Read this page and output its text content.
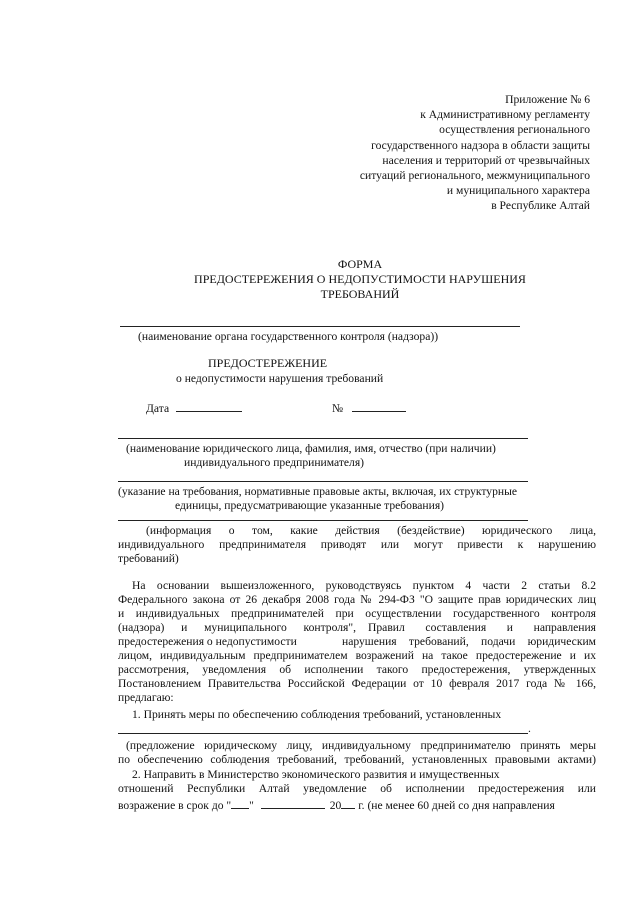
Приложение № 6
к Административному регламенту
осуществления регионального
государственного надзора в области защиты
населения и территорий от чрезвычайных
ситуаций регионального, межмуниципального
и муниципального характера
в Республике Алтай
ФОРМА
ПРЕДОСТЕРЕЖЕНИЯ О НЕДОПУСТИМОСТИ НАРУШЕНИЯ
ТРЕБОВАНИЙ
(наименование органа государственного контроля (надзора))
ПРЕДОСТЕРЕЖЕНИЕ
о недопустимости нарушения требований
Дата	№
(наименование юридического лица, фамилия, имя, отчество (при наличии)
индивидуального предпринимателя)
(указание на требования, нормативные правовые акты, включая, их структурные
единицы, предусматривающие указанные требования)
(информация о том, какие действия (бездействие) юридического лица,
индивидуального предпринимателя приводят или могут привести к нарушению
требований)
На основании вышеизложенного, руководствуясь пунктом 4 части 2 статьи 8.2
Федерального закона от 26 декабря 2008 года № 294-ФЗ "О защите прав юридических лиц
и индивидуальных предпринимателей при осуществлении государственного контроля
(надзора) и муниципального контроля", Правил составления и направления
предостережения о недопустимости	нарушения требований, подачи юридическим
лицом, индивидуальным предпринимателем возражений на такое предостережение и их
рассмотрения, уведомления об исполнении такого предостережения, утвержденных
Постановлением Правительства Российской Федерации от 10 февраля 2017 года № 166,
предлагаю:
1. Принять меры по обеспечению соблюдения требований, установленных
.
(предложение юридическому лицу, индивидуальному предпринимателю принять меры
по обеспечению соблюдения требований, требований, установленных правовыми актами)
2. Направить в Министерство экономического развития и имущественных
отношений Республики Алтай уведомление об исполнении предостережения или
возражение в срок до " "	20 г. (не менее 60 дней со дня направления
